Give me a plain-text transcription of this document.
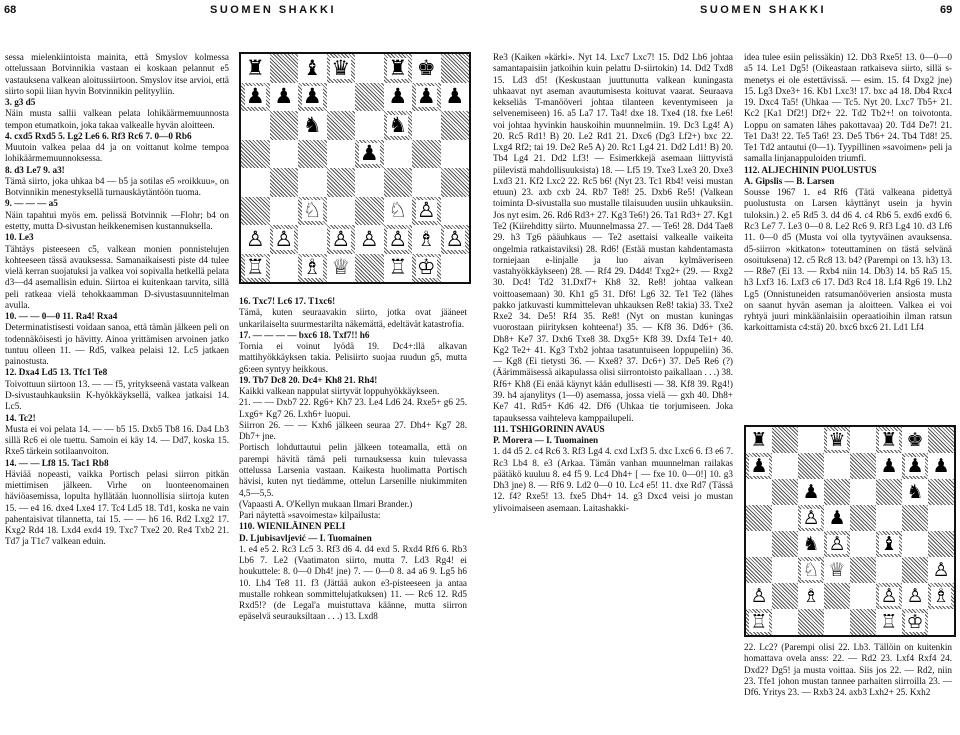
68	SUOMEN SHAKKI

sessa mielenkiintoista mainita, että Smyslov kolmessa ottelussaan Botvinnikia vastaan ei koskaan pelannut e5 vastauksena valkean aloitussiirtoon. Smyslov itse arvioi, että siirto sopii liian hyvin Botvinnikin pelityyliin.

3. g3 d5

Näin musta sallii valkean pelata lohikäärmemuunnosta tempon etumatkoin, joka takaa valkealle hyvän aloitteen.

4. cxd5 Rxd5 5. Lg2 Le6 6. Rf3 Rc6 7. 0—0 Rb6

Muutoin valkea pelaa d4 ja on voittanut kolme tempoa lohikäärmemuunnoksessa.

8. d3 Le7 9. a3!

Tämä siirto, joka uhkaa b4 — b5 ja sotilas e5 »roikkuu», on Botvinnikin menestyksellä turnauskäytäntöön tuoma.

9. — — — a5

Näin tapahtui myös em. pelissä Botvinnik —Flohr; b4 on estetty, mutta D-sivustan heikkenemisen kustannuksella.

10. Le3

Tähtäys pisteeseen c5, valkean monien ponnistelujen kohteeseen tässä avauksessa. Samanaikaisesti piste d4 tulee vielä kerran suojatuksi ja valkea voi sopivalla hetkellä pelata d3—d4 asemallisin eduin. Siirtoa ei kuitenkaan tarvita, sillä peli ratkeaa vielä tehokkaamman D-sivustasuunnitelman avulla.

10. — — 0—0 11. Ra4! Rxa4

Determinatistisesti voidaan sanoa, että tämän jälkeen peli on todennäköisesti jo hävitty. Ainoa yrittämisen arvoinen jatko tuntuu olleen 11. — Rd5, valkea pelaisi 12. Lc5 jatkaen painostusta.

12. Dxa4 Ld5 13. Tfc1 Te8

Toivottuun siirtoon 13. — — f5, yritykseenä vastata valkean D-sivustauhkauksiin K-hyökkäyksellä, valkea jatkaisi 14. Lc5.

14. Tc2!

Musta ei voi pelata 14. — — b5 15. Dxb5 Tb8 16. Da4 Lb3 sillä Rc6 ei ole tuettu. Samoin ei käy 14. — Dd7, koska 15. Rxe5 tärkein sotilaanvoiton.

14. — — Lf8 15. Tac1 Rb8

Häviää nopeasti, vaikka Portisch pelasi siirron pitkän miettimisen jälkeen. Virhe on luonteenomainen häviöasemissa, lopulta hyllätään luonnollisia siirtoja kuten 15. — e4 16. dxe4 Lxe4 17. Tc4 Ld5 18. Td1, koska ne vain pahentaisivat tilannetta, tai 15. — — h6 16. Rd2 Lxg2 17. Kxg2 Rd4 18. Lxd4 exd4 19. Txc7 Txe2 20. Re4 Txb2 21. Td7 ja T1c7 valkean eduin.

♜ ♝ ♛ ♜ ♚
♟ ♟ ♟	♟ ♟ ♟
♞	♞
♟
♘	♘ ♙
♙ ♙ ♙ ♙ ♙ ♗ ♙
♖ ♗ ♕ ♖ ♔

16. Txc7! Lc6 17. T1xc6!

Tämä, kuten seuraavakin siirto, jotka ovat jääneet unkarilaiselta suurmestarilta näkemättä, edeltävät katastrofia.

17. — — — — bxc6 18. Txf7!! h6

Tornia ei voinut lyödä 19. Dc4+:llä alkavan mattihyökkäyksen takia. Pelisiirto suojaa ruudun g5, mutta g6:een syntyy heikkous.

19. Tb7 Dc8 20. Dc4+ Kh8 21. Rh4!

Kaikki valkean nappulat siirtyvät loppuhyökkäykseen.

21. — — Dxb7 22. Rg6+ Kh7 23. Le4 Ld6 24. Rxe5+ g6 25. Lxg6+ Kg7 26. Lxh6+ luopui.

Siirron 26. — — Kxh6 jälkeen seuraa 27. Dh4+ Kg7 28. Dh7+ jne.

Portisch lohduttautui pelin jälkeen toteamalla, että on parempi hävitä tämä peli turnauksessa kuin tulevassa ottelussa Larsenia vastaan. Kaikesta huolimatta Portisch hävisi, kuten nyt tiedämme, ottelun Larsenille niukimmiten 4,5—5,5.

(Vapaasti A. O'Kellyn mukaan Ilmari Brander.)

Pari näytettä »savoimesta» kilpailusta:

110. WIENILÄINEN PELI

D. Ljubisavljević — I. Tuomainen

1. e4 e5 2. Rc3 Lc5 3. Rf3 d6 4. d4 exd 5. Rxd4 Rf6 6. Rb3 Lb6 7. Le2 (Vaatimaton siirto, mutta 7. Ld3 Rg4! ei houkuttele: 8. 0—0 Dh4! jne) 7. — 0—0 8. a4 a6 9. Lg5 h6 10. Lh4 Te8 11. f3 (Jättää aukon e3-pisteeseen ja antaa mustalle rohkean sommittelujatkuksen) 11. — Rc6 12. Rd5 Rxd5!? (de Legal'a muistuttava käänne, mutta siirron epäselvä seurauksiltaan . . .) 13. Lxd8

SUOMEN SHAKKI	69

Re3 (Kaiken »kärki». Nyt 14. Lxc7 Lxc7! 15. Dd2 Lb6 johtaa samantapaisiin jatkoihin kuin pelattu D-siirtokin) 14. Dd2 Txd8 15. Ld3 d5! (Keskustaan juuttunutta valkean kuningasta uhkaavat nyt aseman avautumisesta koituvat vaarat. Seuraava kekseliäs T-manööveri johtaa tilanteen keventymiseen ja selvenemiseen) 16. a5 La7 17. Ta4! dxe 18. Txe4 (18. fxe Le6! voi johtaa hyvinkin hauskoihin muunnelmiin. 19. Dc3 Lg4! A) 20. Rc5 Rd1! B) 20. Le2 Rd1 21. Dxc6 (Dg3 Lf2+) bxc 22. Lxg4 Rf2; tai 19. De2 Re5 A) 20. Rc1 Lg4 21. Dd2 Ld1! B) 20. Tb4 Lg4 21. Dd2 Lf3! — Esimerkkejä asemaan liittyvistä piilevistä mahdollisuuksista) 18. — Lf5 19. Txe3 Lxe3 20. Dxe3 Lxd3 21. Kf2 Lxc2 22. Rc5 b6! (Nyt 23. Tc1 Rb4! veisi mustan etuun) 23. axb cxb 24. Rb7 Te8! 25. Dxb6 Re5! (Valkean toiminta D-sivustalla suo mustalle tilaisuuden uusiin uhkauksiin. Jos nyt esim. 26. Rd6 Rd3+ 27. Kg3 Te6!) 26. Ta1 Rd3+ 27. Kg1 Te2 (Kiirehditty siirto. Muunnelmassa 27. — Te6! 28. Dd4 Tae8 29. h3 Tg6 pääuhkaus — Te2 asettaisi valkealle vaikeita ongelmia ratkaistaviksi) 28. Rd6! (Estää mustan kahdentamasta torniejaan e-linjalle ja luo aivan kylmäveriseen vastahyökkäykseen) 28. — Rf4 29. D4d4! Txg2+ (29. — Rxg2 30. Dc4! Td2 31.Dxf7+ Kh8 32. Re8! johtaa valkean voittoasemaan) 30. Kh1 g5 31. Df6! Lg6 32. Te1 Te2 (lähes pakko jatkuvasti kummittelevan uhkauksen Re8! takia) 33. Txe2 Rxe2 34. De5! Rf4 35. Re8! (Nyt on mustan kuningas vuorostaan piirityksen kohteena!) 35. — Kf8 36. Dd6+ (36. Dh8+ Ke7 37. Dxh6 Txe8 38. Dxg5+ Kf8 39. Dxf4 Te1+ 40. Kg2 Te2+ 41. Kg3 Txb2 johtaa tasatuntuiseen loppupeliin) 36. — Kg8 (Ei tietysti 36. — Kxe8? 37. Dc6+) 37. De5 Re6 (?) (Äärimmäisessä aikapulassa olisi siirrontoisto paikallaan . . .) 38. Rf6+ Kh8 (Ei enää käynyt kään edullisesti — 38. Kf8 39. Rg4!) 39. h4 ajanylitys (1—0) asemassa, jossa vielä — gxh 40. Dh8+ Ke7 41. Rd5+ Kd6 42. Df6 (Uhkaa tie torjumiseen. Joka tapauksessa vaihteleva kamppailupeli.

111. TSHIGORININ AVAUS

P. Morera — I. Tuomainen

1. d4 d5 2. c4 Rc6 3. Rf3 Lg4 4. cxd Lxf3 5. dxc Lxc6 6. f3 e6 7. Rc3 Lb4 8. e3 (Arkaa. Tämän vanhan muunnelman railakas päätäkö kuuluu 8. e4 f5 9. Lc4 Dh4+ [ — fxe 10. 0—0!] 10. g3 Dh3 jne) 8. — Rf6 9. Ld2 0—0 10. Lc4 e5! 11. dxe Rd7 (Tässä 12. f4? Rxe5! 13. fxe5 Dh4+ 14. g3 Dxc4 veisi jo mustan ylivoimaiseen asemaan. Laitashakki-

idea tulee esiin pelissäkin) 12. Db3 Rxe5! 13. 0—0—0 a5 14. Le1 Dg5! (Oikeastaan ratkaiseva siirto, sillä s-menetys ei ole estettävissä. — esim. 15. f4 Dxg2 jne) 15. Lg3 Dxe3+ 16. Kb1 Lxc3! 17. bxc a4 18. Db4 Rxc4 19. Dxc4 Ta5! (Uhkaa — Tc5. Nyt 20. Lxc7 Tb5+ 21. Kc2 [Ka1 Df2!] Df2+ 22. Td2 Tb2+! on toivotonta. Loppu on samaten lähes pakottavaa) 20. Td4 De7! 21. Te1 Da3! 22. Te5 Ta6! 23. De5 Tb6+ 24. Tb4 Td8! 25. Te1 Td2 antautui (0—1). Tyypillinen »savoimen» peli ja samalla linjanappuloiden triumfi.

112. ALJECHININ PUOLUSTUS

A. Gipslis — B. Larsen

Sousse 1967 1. e4 Rf6 (Tätä valkeana pidettyä puolustusta on Larsen käyttänyt usein ja hyvin tuloksin.) 2. e5 Rd5 3. d4 d6 4. c4 Rb6 5. exd6 exd6 6. Rc3 Le7 7. Le3 0—0 8. Le2 Rc6 9. Rf3 Lg4 10. d3 Lf6 11. 0—0 d5 (Musta voi olla tyytyväinen avauksensa. d5-siirron »kitkaton» toteuttaminen on tästä selvänä osoituksena) 12. c5 Rc8 13. b4? (Parempi on 13. h3) 13. — R8e7 (Ei 13. — Rxb4 niin 14. Db3) 14. b5 Ra5 15. h3 Lxf3 16. Lxf3 c6 17. Dd3 Rc4 18. Lf4 Rg6 19. Lh2 Lg5 (Onnistuneiden ratsumanööverien ansiosta musta on saanut hyvän aseman ja aloitteen. Valkea ei voi ryhtyä juuri minkäänlaisiin operaatioihin ilman ratsun karkoittamista c4:stä) 20. bxc6 bxc6 21. Ld1 Lf4

♜	♛ ♜ ♚
♟	♟ ♟ ♟
♟	♞
♙ ♟
♞ ♙ ♝
♘ ♕	♙
♙ ♗	♙ ♙ ♗
♖	♖ ♔

22. Lc2? (Parempi olisi 22. Lb3. Tällöin on kuitenkin homattava ovela anss: 22. — Rd2 23. Lxf4 Rxf4 24. Dxd2? Dg5! ja musta voittaa. Siis jos 22. — Rd2, niin 23. Tfe1 johon mustan tannee parhaiten siirroilla 23. — Df6. Yritys 23. — Rxb3 24. axb3 Lxh2+ 25. Kxh2
